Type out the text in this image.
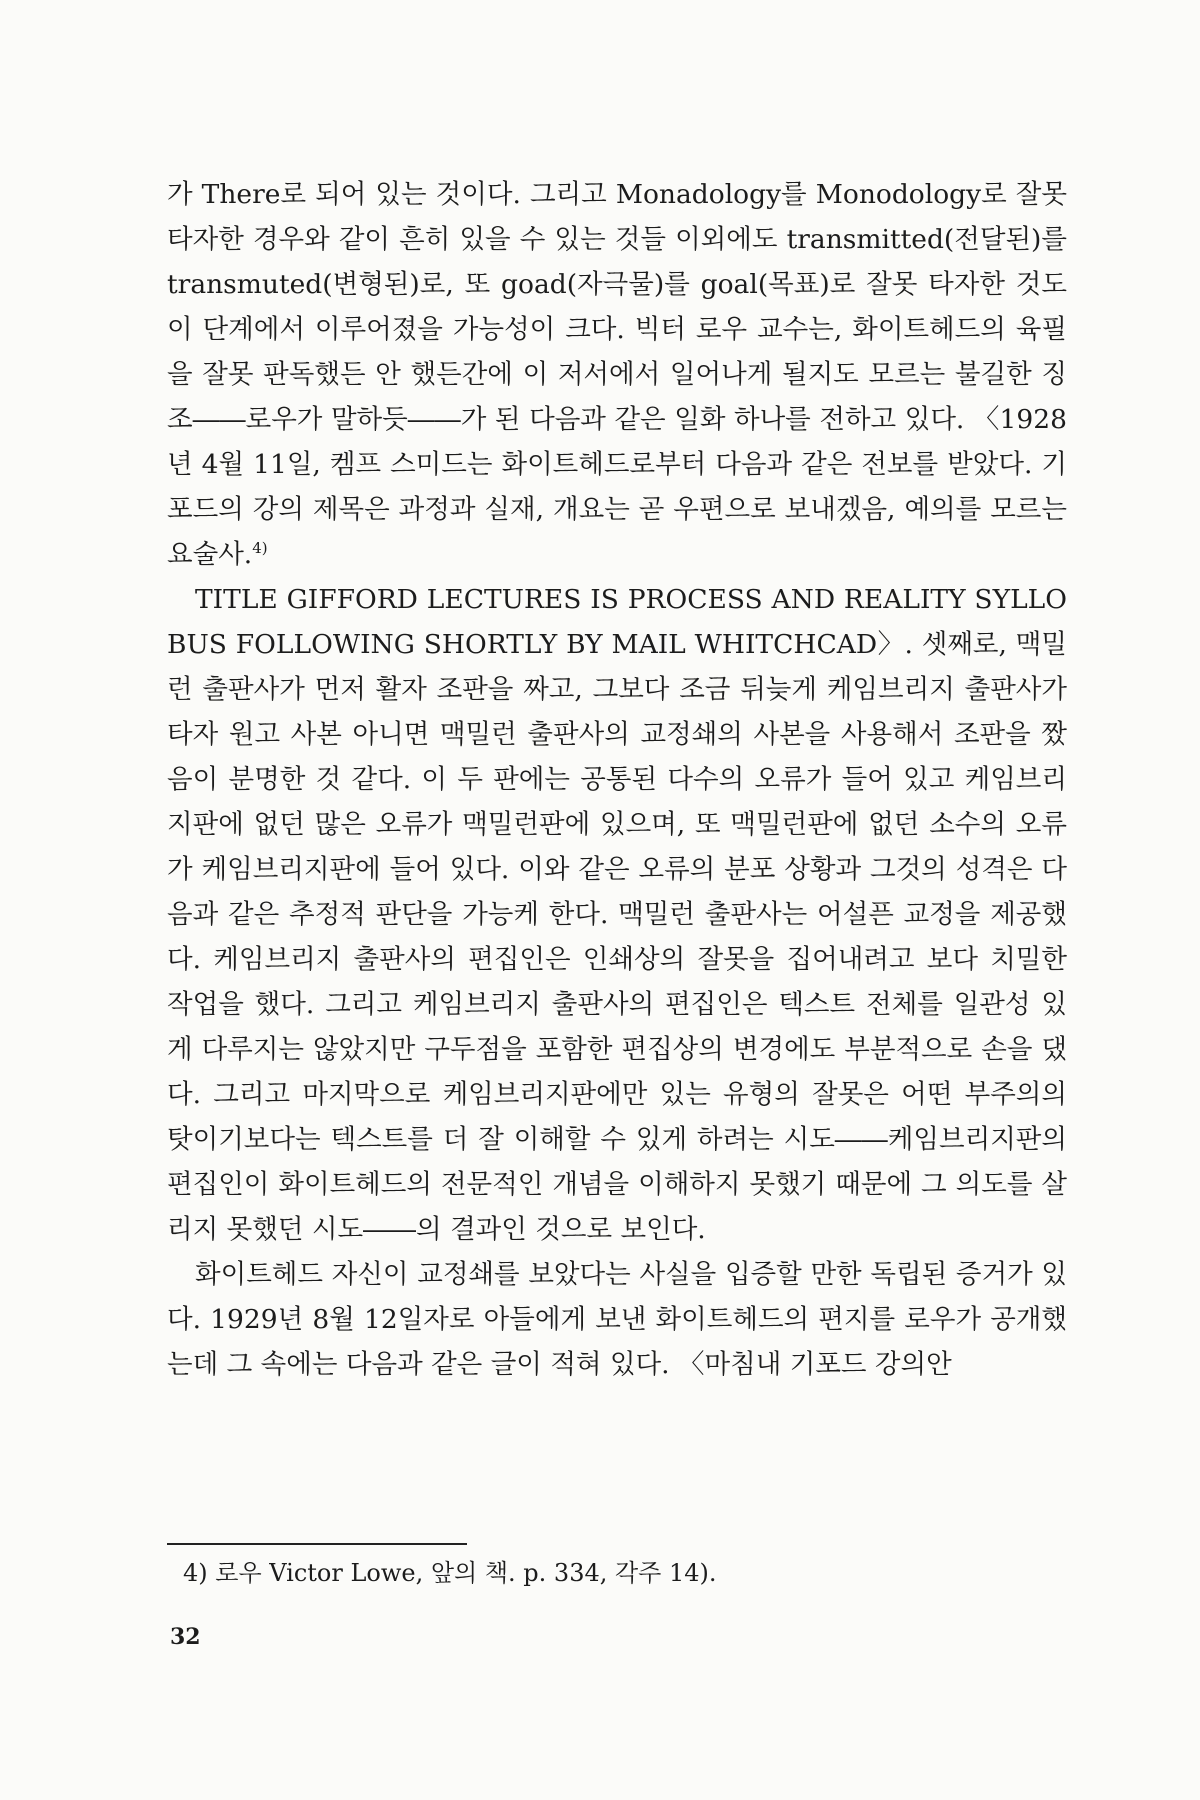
가 There로 되어 있는 것이다. 그리고 Monadology를 Monodology로 잘못 타자한 경우와 같이 흔히 있을 수 있는 것들 이외에도 transmitted(전달된)를 transmuted(변형된)로, 또 goad(자극물)를 goal(목표)로 잘못 타자한 것도 이 단계에서 이루어졌을 가능성이 크다. 빅터 로우 교수는, 화이트헤드의 육필을 잘못 판독했든 안 했든간에 이 저서에서 일어나게 될지도 모르는 불길한 징조――로우가 말하듯――가 된 다음과 같은 일화 하나를 전하고 있다. 〈1928년 4월 11일, 켐프 스미드는 화이트헤드로부터 다음과 같은 전보를 받았다. 기포드의 강의 제목은 과정과 실재, 개요는 곧 우편으로 보내겠음, 예의를 모르는 요술사.$^{4)}$

TITLE GIFFORD LECTURES IS PROCESS AND REALITY SYLLOBUS FOLLOWING SHORTLY BY MAIL WHITCHCAD〉. 셋째로, 맥밀런 출판사가 먼저 활자 조판을 짜고, 그보다 조금 뒤늦게 케임브리지 출판사가 타자 원고 사본 아니면 맥밀런 출판사의 교정쇄의 사본을 사용해서 조판을 짰음이 분명한 것 같다. 이 두 판에는 공통된 다수의 오류가 들어 있고 케임브리지판에 없던 많은 오류가 맥밀런판에 있으며, 또 맥밀런판에 없던 소수의 오류가 케임브리지판에 들어 있다. 이와 같은 오류의 분포 상황과 그것의 성격은 다음과 같은 추정적 판단을 가능케 한다. 맥밀런 출판사는 어설픈 교정을 제공했다. 케임브리지 출판사의 편집인은 인쇄상의 잘못을 집어내려고 보다 치밀한 작업을 했다. 그리고 케임브리지 출판사의 편집인은 텍스트 전체를 일관성 있게 다루지는 않았지만 구두점을 포함한 편집상의 변경에도 부분적으로 손을 댔다. 그리고 마지막으로 케임브리지판에만 있는 유형의 잘못은 어떤 부주의의 탓이기보다는 텍스트를 더 잘 이해할 수 있게 하려는 시도――케임브리지판의 편집인이 화이트헤드의 전문적인 개념을 이해하지 못했기 때문에 그 의도를 살리지 못했던 시도――의 결과인 것으로 보인다.

화이트헤드 자신이 교정쇄를 보았다는 사실을 입증할 만한 독립된 증거가 있다. 1929년 8월 12일자로 아들에게 보낸 화이트헤드의 편지를 로우가 공개했는데 그 속에는 다음과 같은 글이 적혀 있다. 〈마침내 기포드 강의안

4) 로우 Victor Lowe, 앞의 책. p. 334, 각주 14).
32
